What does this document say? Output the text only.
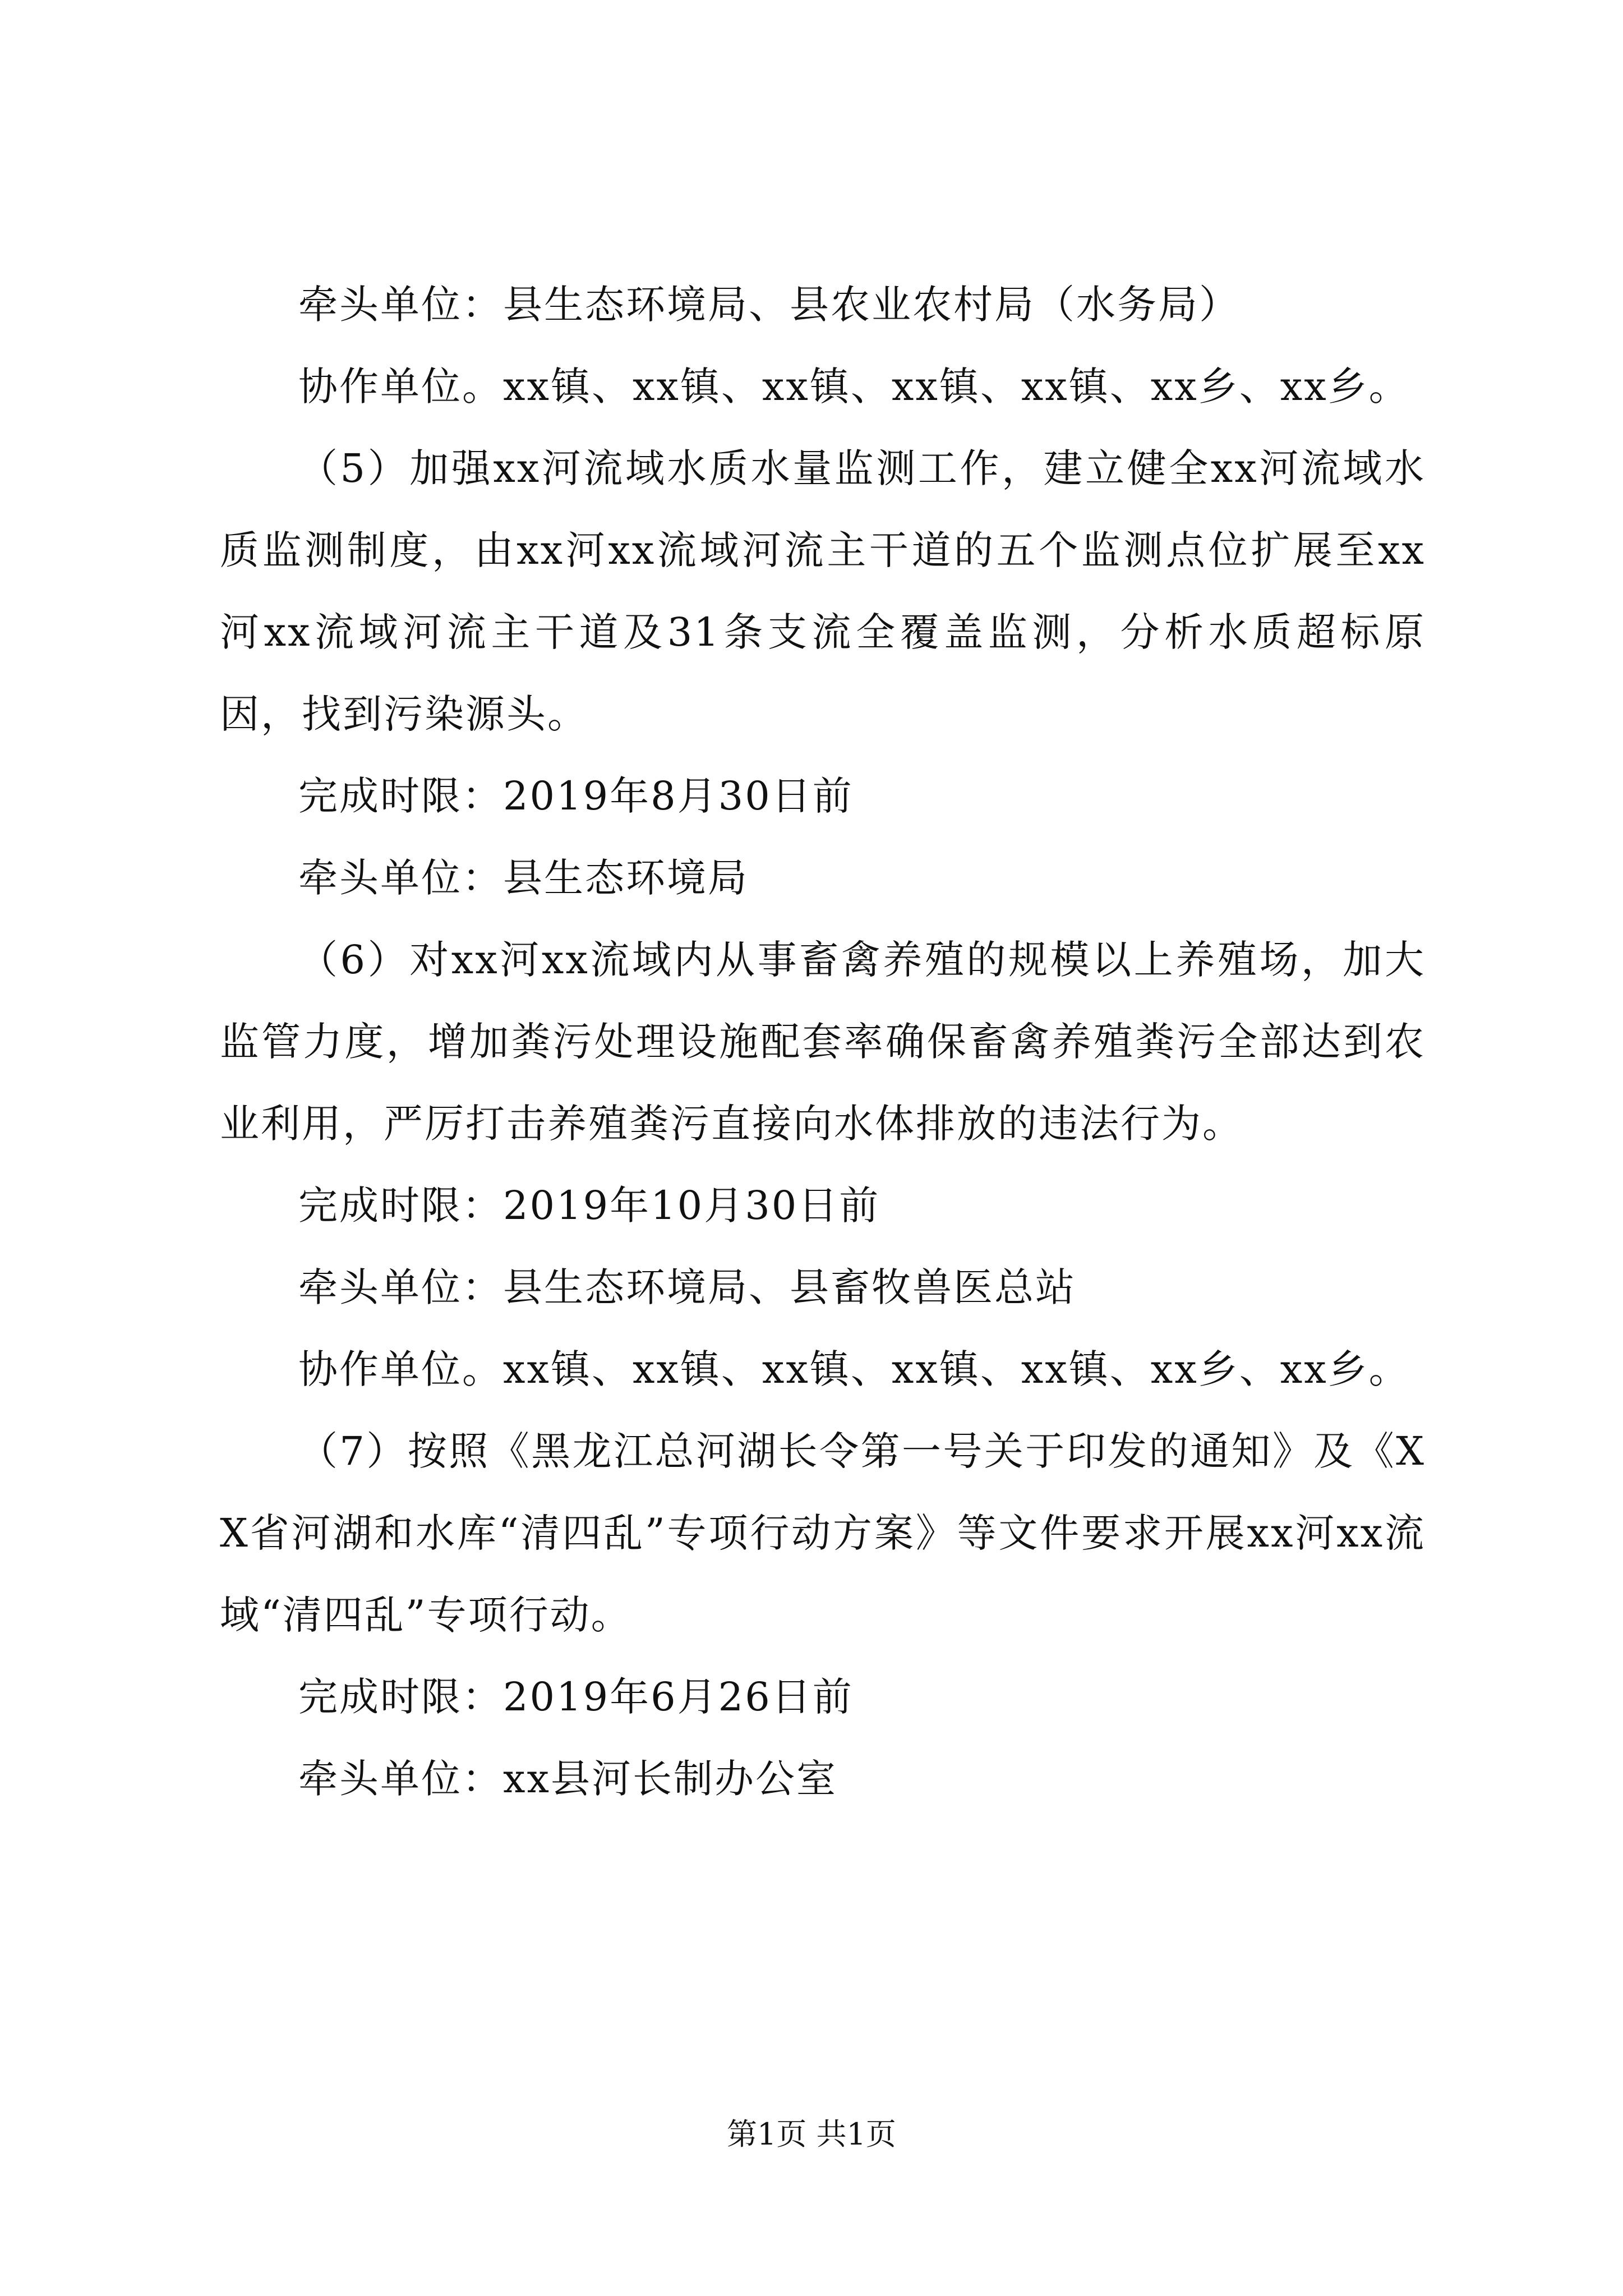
牵头单位：县生态环境局、县农业农村局（水务局）

协作单位。xx镇、xx镇、xx镇、xx镇、xx镇、xx乡、xx乡。

（5）加强xx河流域水质水量监测工作，建立健全xx河流域水质监测制度，由xx河xx流域河流主干道的五个监测点位扩展至xx河xx流域河流主干道及31条支流全覆盖监测，分析水质超标原因，找到污染源头。

完成时限：2019年8月30日前

牵头单位：县生态环境局

（6）对xx河xx流域内从事畜禽养殖的规模以上养殖场，加大监管力度，增加粪污处理设施配套率确保畜禽养殖粪污全部达到农业利用，严厉打击养殖粪污直接向水体排放的违法行为。

完成时限：2019年10月30日前

牵头单位：县生态环境局、县畜牧兽医总站

协作单位。xx镇、xx镇、xx镇、xx镇、xx镇、xx乡、xx乡。

（7）按照《黑龙江总河湖长令第一号关于印发的通知》及《XX省河湖和水库“清四乱”专项行动方案》等文件要求开展xx河xx流域“清四乱”专项行动。

完成时限：2019年6月26日前

牵头单位：xx县河长制办公室

第1页 共1页
